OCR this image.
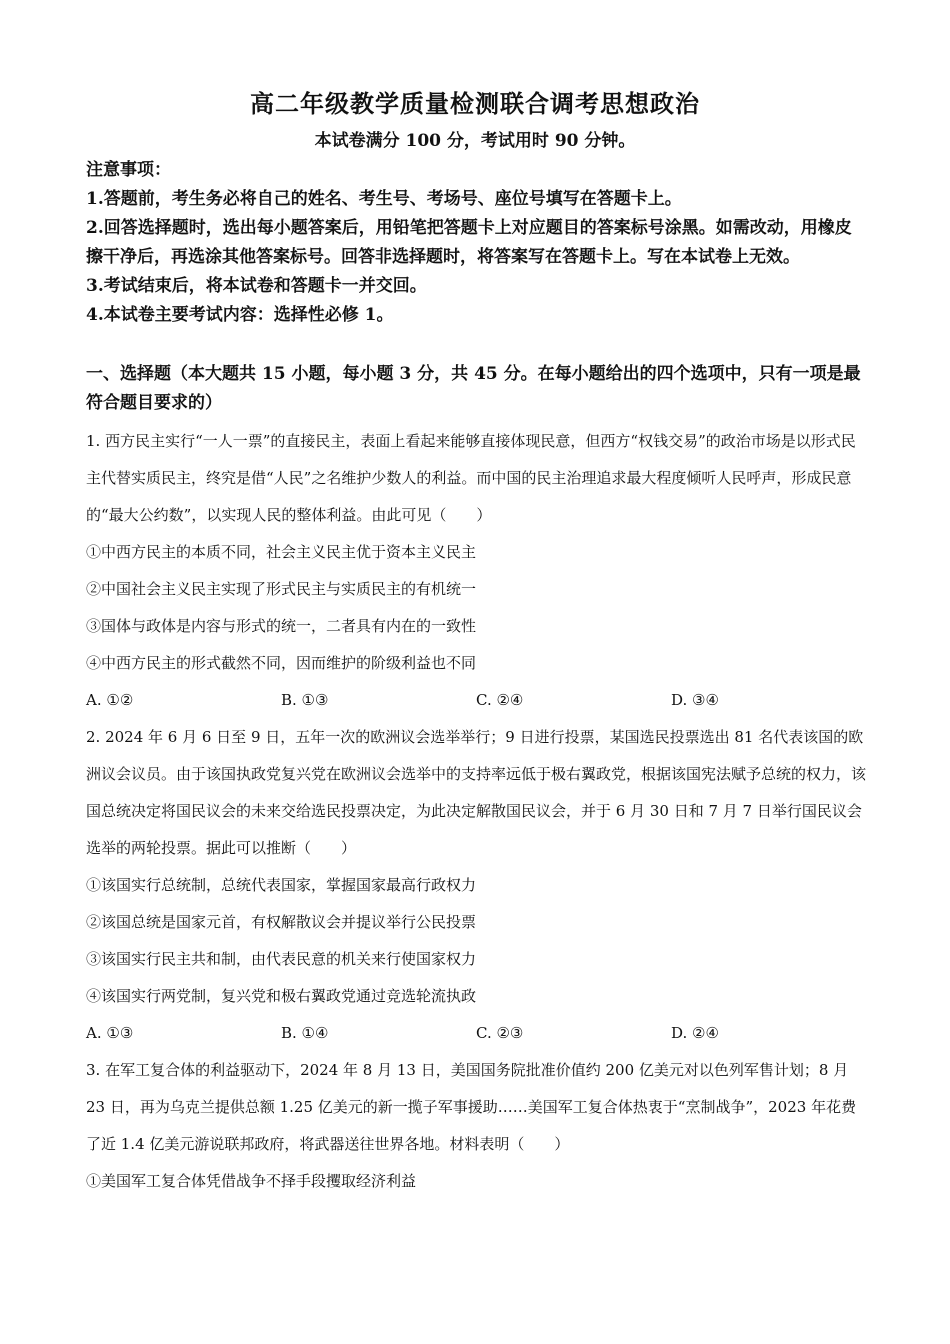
高二年级教学质量检测联合调考思想政治
本试卷满分 100 分，考试用时 90 分钟。

注意事项：

1.答题前，考生务必将自己的姓名、考生号、考场号、座位号填写在答题卡上。

2.回答选择题时，选出每小题答案后，用铅笔把答题卡上对应题目的答案标号涂黑。如需改动，用橡皮擦干净后，再选涂其他答案标号。回答非选择题时，将答案写在答题卡上。写在本试卷上无效。

3.考试结束后，将本试卷和答题卡一并交回。

4.本试卷主要考试内容：选择性必修 1。

一、选择题（本大题共 15 小题，每小题 3 分，共 45 分。在每小题给出的四个选项中，只有一项是最符合题目要求的）

1. 西方民主实行“一人一票”的直接民主，表面上看起来能够直接体现民意，但西方“权钱交易”的政治市场是以形式民主代替实质民主，终究是借“人民”之名维护少数人的利益。而中国的民主治理追求最大程度倾听人民呼声，形成民意的“最大公约数”，以实现人民的整体利益。由此可见（　　）

①中西方民主的本质不同，社会主义民主优于资本主义民主

②中国社会主义民主实现了形式民主与实质民主的有机统一

③国体与政体是内容与形式的统一，二者具有内在的一致性

④中西方民主的形式截然不同，因而维护的阶级利益也不同

A. ①②	B. ①③	C. ②④	D. ③④

2. 2024 年 6 月 6 日至 9 日，五年一次的欧洲议会选举举行；9 日进行投票，某国选民投票选出 81 名代表该国的欧洲议会议员。由于该国执政党复兴党在欧洲议会选举中的支持率远低于极右翼政党，根据该国宪法赋予总统的权力，该国总统决定将国民议会的未来交给选民投票决定，为此决定解散国民议会，并于 6 月 30 日和 7 月 7 日举行国民议会选举的两轮投票。据此可以推断（　　）

①该国实行总统制，总统代表国家，掌握国家最高行政权力

②该国总统是国家元首，有权解散议会并提议举行公民投票

③该国实行民主共和制，由代表民意的机关来行使国家权力

④该国实行两党制，复兴党和极右翼政党通过竞选轮流执政

A. ①③	B. ①④	C. ②③	D. ②④

3. 在军工复合体的利益驱动下，2024 年 8 月 13 日，美国国务院批准价值约 200 亿美元对以色列军售计划；8 月 23 日，再为乌克兰提供总额 1.25 亿美元的新一揽子军事援助……美国军工复合体热衷于“烹制战争”，2023 年花费了近 1.4 亿美元游说联邦政府，将武器送往世界各地。材料表明（　　）

①美国军工复合体凭借战争不择手段攫取经济利益
